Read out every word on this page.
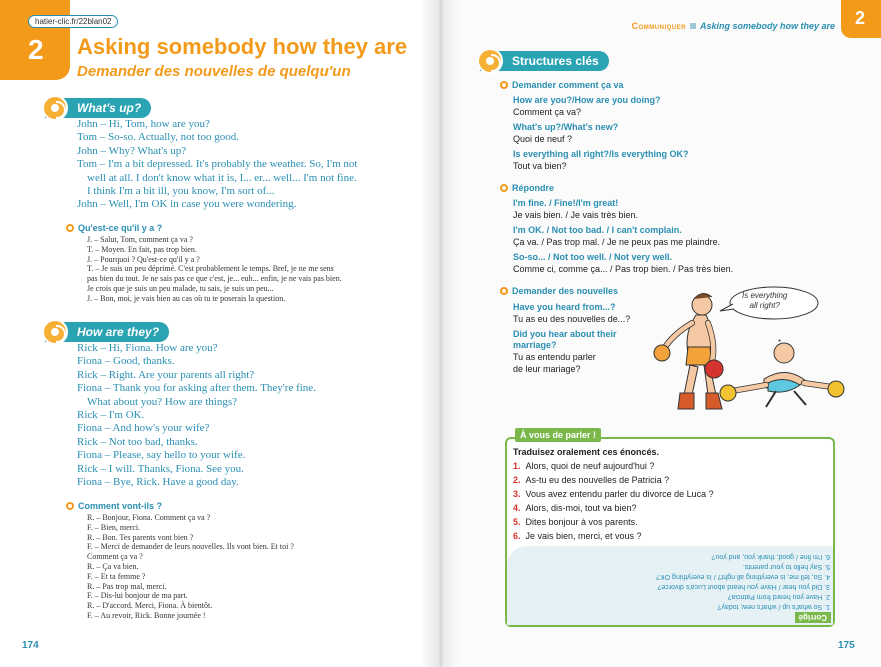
2
hatier-clic.fr/22blan02
Asking somebody how they are
Demander des nouvelles de quelqu'un
What's up?
John – Hi, Tom, how are you?
Tom – So-so. Actually, not too good.
John – Why? What's up?
Tom – I'm a bit depressed. It's probably the weather. So, I'm not
well at all. I don't know what it is, I... er... well... I'm not fine.
I think I'm a bit ill, you know, I'm sort of...
John – Well, I'm OK in case you were wondering.
Qu'est-ce qu'il y a ?
J. – Salut, Tom, comment ça va ?
T. – Moyen. En fait, pas trop bien.
J. – Pourquoi ? Qu'est-ce qu'il y a ?
T. – Je suis un peu déprimé. C'est probablement le temps. Bref, je ne me sens
pas bien du tout. Je ne sais pas ce que c'est, je... euh... enfin, je ne vais pas bien.
Je crois que je suis un peu malade, tu sais, je suis un peu...
J. – Bon, moi, je vais bien au cas où tu te poserais la question.
How are they?
Rick – Hi, Fiona. How are you?
Fiona – Good, thanks.
Rick – Right. Are your parents all right?
Fiona – Thank you for asking after them. They're fine.
What about you? How are things?
Rick – I'm OK.
Fiona – And how's your wife?
Rick – Not too bad, thanks.
Fiona – Please, say hello to your wife.
Rick – I will. Thanks, Fiona. See you.
Fiona – Bye, Rick. Have a good day.
Comment vont-ils ?
R. – Bonjour, Fiona. Comment ça va ?
F. – Bien, merci.
R. – Bon. Tes parents vont bien ?
F. – Merci de demander de leurs nouvelles. Ils vont bien. Et toi ?
Comment ça va ?
R. – Ça va bien.
F. – Et ta femme ?
R. – Pas trop mal, merci.
F. – Dis-lui bonjour de ma part.
R. – D'accord. Merci, Fiona. À bientôt.
F. – Au revoir, Rick. Bonne journée !
174
2
Communiquer Asking somebody how they are
Structures clés
Demander comment ça va
How are you?/How are you doing?
Comment ça va?
What's up?/What's new?
Quoi de neuf ?
Is everything all right?/Is everything OK?
Tout va bien?
Répondre
I'm fine. / Fine!/I'm great!
Je vais bien. / Je vais très bien.
I'm OK. / Not too bad. / I can't complain.
Ça va. / Pas trop mal. / Je ne peux pas me plaindre.
So-so... / Not too well. / Not very well.
Comme ci, comme ça... / Pas trop bien. / Pas très bien.
Demander des nouvelles
Have you heard from...?
Tu as eu des nouvelles de...?
Did you hear about their
marriage?
Tu as entendu parler
de leur mariage?
*
Is everything
all right?
À vous de parler !
Traduisez oralement ces énoncés.
1. Alors, quoi de neuf aujourd'hui ?
2. As-tu eu des nouvelles de Patricia ?
3. Vous avez entendu parler du divorce de Luca ?
4. Alors, dis-moi, tout va bien?
5. Dites bonjour à vos parents.
6. Je vais bien, merci, et vous ?
Corrigé
1. So what's up / what's new, today?
2. Have you heard from Patricia?
3. Did you hear / Have you heard about Luca's divorce?
4. So, tell me, is everything all right? / Is everything OK?
5. Say hello to your parents.
6. I'm fine / good, thank you, and you?
175
